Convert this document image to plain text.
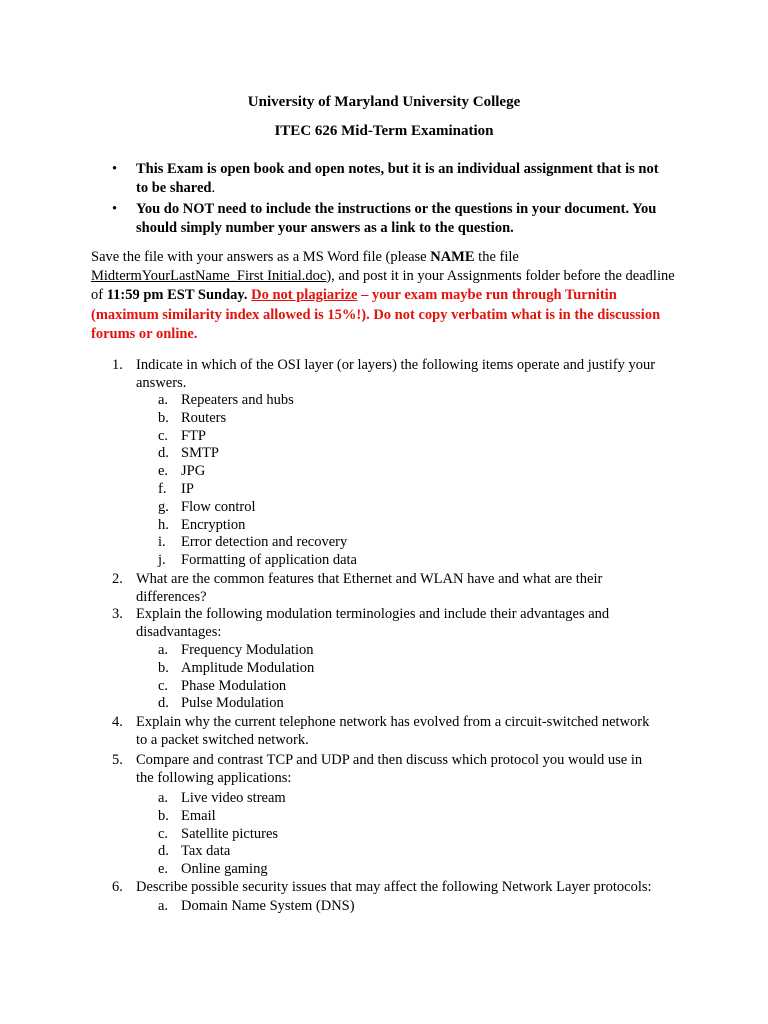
University of Maryland University College
ITEC 626 Mid-Term Examination
• This Exam is open book and open notes, but it is an individual assignment that is not to be shared.
• You do NOT need to include the instructions or the questions in your document. You should simply number your answers as a link to the question.
Save the file with your answers as a MS Word file (please NAME the file
MidtermYourLastName_First Initial.doc), and post it in your Assignments folder before the deadline of 11:59 pm EST Sunday. Do not plagiarize – your exam maybe run through Turnitin (maximum similarity index allowed is 15%!). Do not copy verbatim what is in the discussion forums or online.
1. Indicate in which of the OSI layer (or layers) the following items operate and justify your
answers.
a. Repeaters and hubs
b. Routers
c. FTP
d. SMTP
e. JPG
f. IP
g. Flow control
h. Encryption
i. Error detection and recovery
j. Formatting of application data
2. What are the common features that Ethernet and WLAN have and what are their
differences?
3. Explain the following modulation terminologies and include their advantages and
disadvantages:
a. Frequency Modulation
b. Amplitude Modulation
c. Phase Modulation
d. Pulse Modulation
4. Explain why the current telephone network has evolved from a circuit-switched network
to a packet switched network.
5. Compare and contrast TCP and UDP and then discuss which protocol you would use in
the following applications:
a. Live video stream
b. Email
c. Satellite pictures
d. Tax data
e. Online gaming
6. Describe possible security issues that may affect the following Network Layer protocols:
a. Domain Name System (DNS)
